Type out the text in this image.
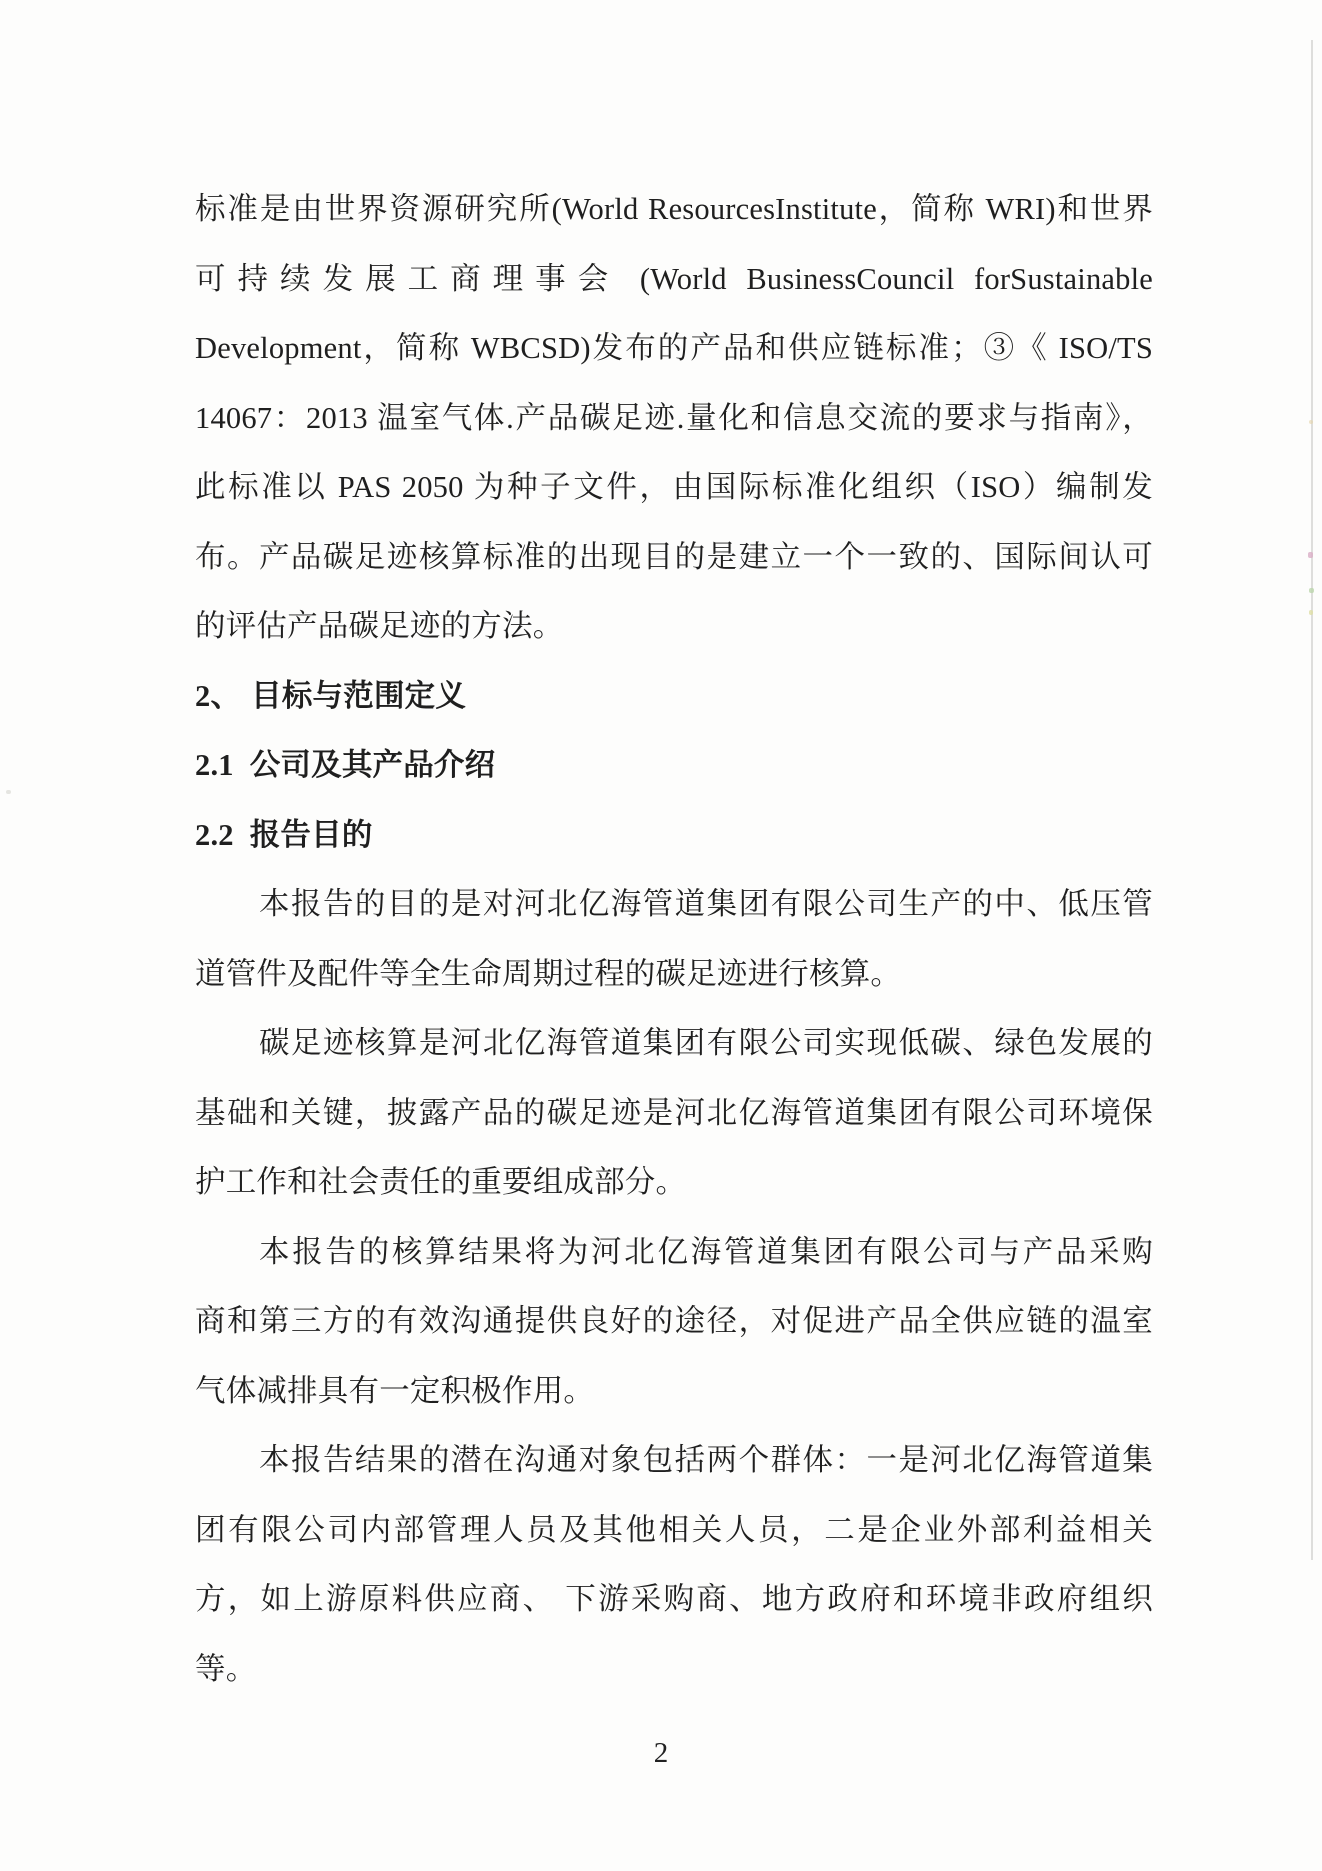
标准是由世界资源研究所(World ResourcesInstitute，简称 WRI)和世界
可持续发展工商理事会 (World BusinessCouncil forSustainable
Development，简称 WBCSD)发布的产品和供应链标准；③《 ISO/TS
14067：2013 温室气体.产品碳足迹.量化和信息交流的要求与指南》，
此标准以 PAS 2050 为种子文件，由国际标准化组织（ISO）编制发
布。产品碳足迹核算标准的出现目的是建立一个一致的、国际间认可
的评估产品碳足迹的方法。
2、 目标与范围定义
2.1 公司及其产品介绍
2.2 报告目的
本报告的目的是对河北亿海管道集团有限公司生产的中、低压管
道管件及配件等全生命周期过程的碳足迹进行核算。
碳足迹核算是河北亿海管道集团有限公司实现低碳、绿色发展的
基础和关键，披露产品的碳足迹是河北亿海管道集团有限公司环境保
护工作和社会责任的重要组成部分。
本报告的核算结果将为河北亿海管道集团有限公司与产品采购
商和第三方的有效沟通提供良好的途径，对促进产品全供应链的温室
气体减排具有一定积极作用。
本报告结果的潜在沟通对象包括两个群体：一是河北亿海管道集
团有限公司内部管理人员及其他相关人员，二是企业外部利益相关
方，如上游原料供应商、 下游采购商、地方政府和环境非政府组织
等。
2
